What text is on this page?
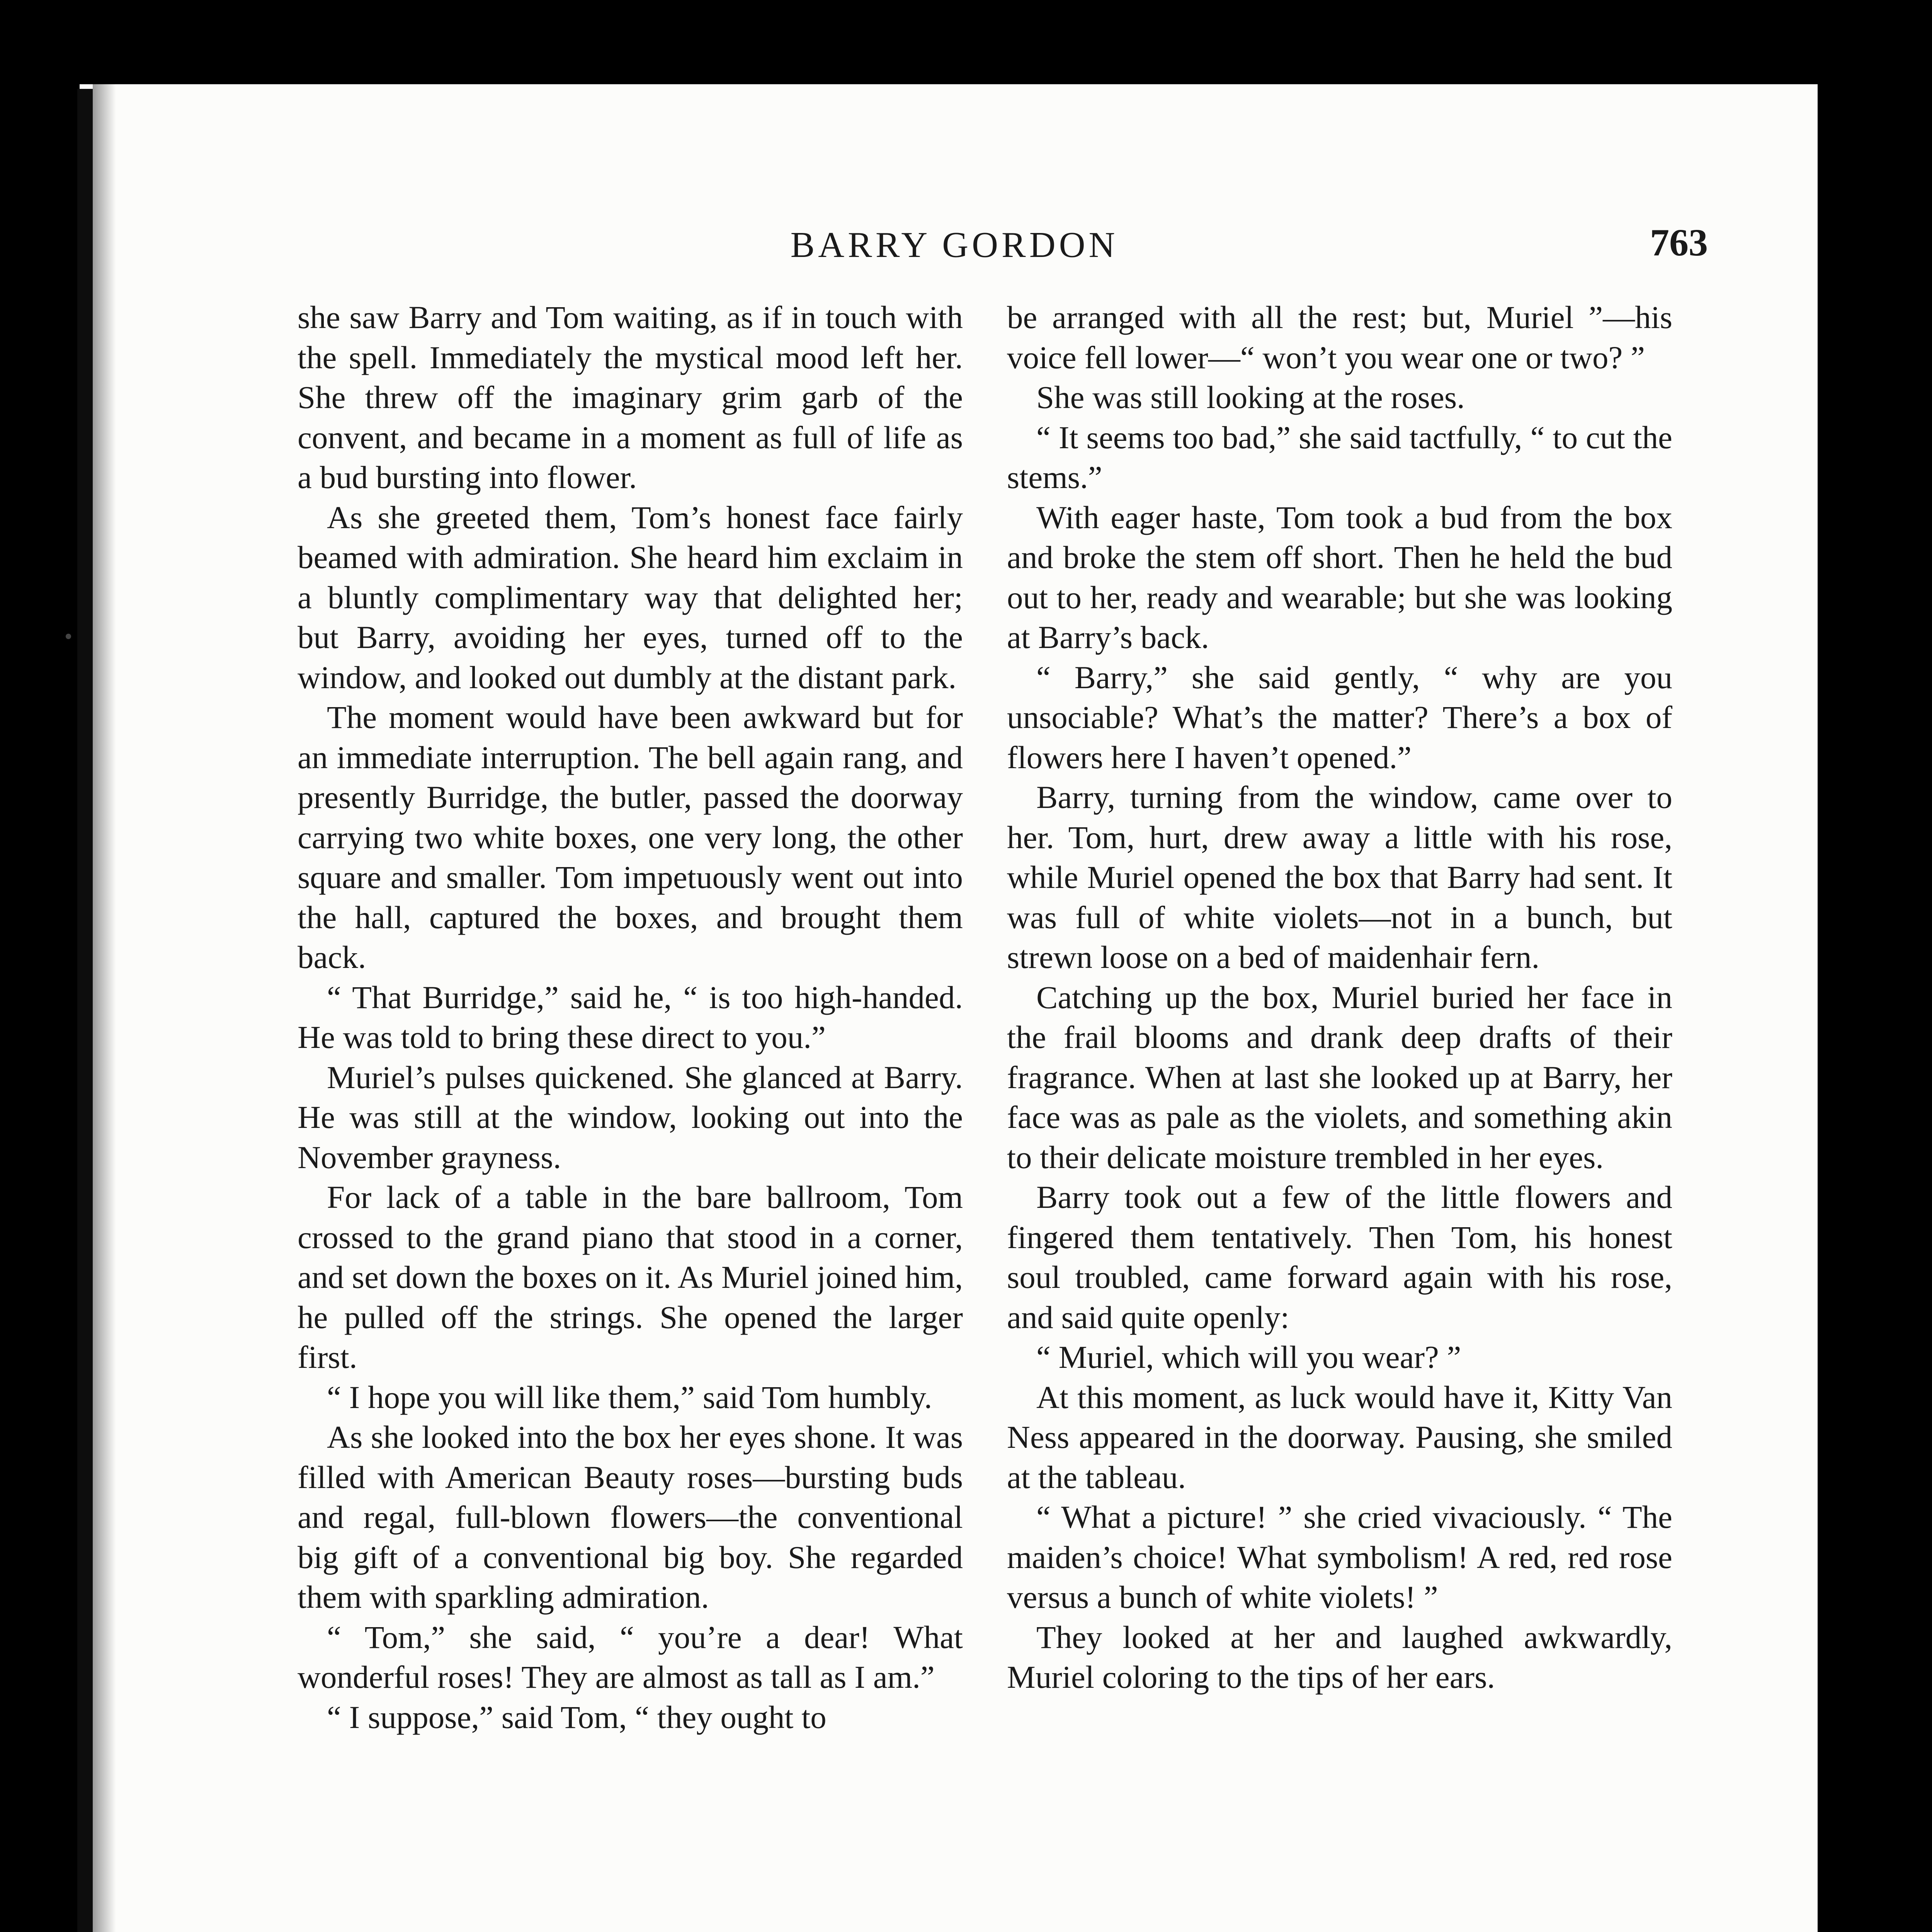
BARRY GORDON	763

she saw Barry and Tom waiting, as if in touch with the spell. Immediately the mystical mood left her. She threw off the imaginary grim garb of the convent, and became in a moment as full of life as a bud bursting into flower.

As she greeted them, Tom’s honest face fairly beamed with admiration. She heard him exclaim in a bluntly complimentary way that delighted her; but Barry, avoiding her eyes, turned off to the window, and looked out dumbly at the distant park.

The moment would have been awkward but for an immediate interruption. The bell again rang, and presently Burridge, the butler, passed the doorway carrying two white boxes, one very long, the other square and smaller. Tom impetuously went out into the hall, captured the boxes, and brought them back.

“ That Burridge,” said he, “ is too high-handed. He was told to bring these direct to you.”

Muriel’s pulses quickened. She glanced at Barry. He was still at the window, looking out into the November grayness.

For lack of a table in the bare ballroom, Tom crossed to the grand piano that stood in a corner, and set down the boxes on it. As Muriel joined him, he pulled off the strings. She opened the larger first.

“ I hope you will like them,” said Tom humbly.

As she looked into the box her eyes shone. It was filled with American Beauty roses—bursting buds and regal, full-blown flowers—the conventional big gift of a conventional big boy. She regarded them with sparkling admiration.

“ Tom,” she said, “ you’re a dear! What wonderful roses! They are almost as tall as I am.”

“ I suppose,” said Tom, “ they ought to

be arranged with all the rest; but, Muriel ”—his voice fell lower—“ won’t you wear one or two? ”

She was still looking at the roses.

“ It seems too bad,” she said tactfully, “ to cut the stems.”

With eager haste, Tom took a bud from the box and broke the stem off short. Then he held the bud out to her, ready and wearable; but she was looking at Barry’s back.

“ Barry,” she said gently, “ why are you unsociable? What’s the matter? There’s a box of flowers here I haven’t opened.”

Barry, turning from the window, came over to her. Tom, hurt, drew away a little with his rose, while Muriel opened the box that Barry had sent. It was full of white violets—not in a bunch, but strewn loose on a bed of maidenhair fern.

Catching up the box, Muriel buried her face in the frail blooms and drank deep drafts of their fragrance. When at last she looked up at Barry, her face was as pale as the violets, and something akin to their delicate moisture trembled in her eyes.

Barry took out a few of the little flowers and fingered them tentatively. Then Tom, his honest soul troubled, came forward again with his rose, and said quite openly:

“ Muriel, which will you wear? ”

At this moment, as luck would have it, Kitty Van Ness appeared in the doorway. Pausing, she smiled at the tableau.

“ What a picture! ” she cried vivaciously. “ The maiden’s choice! What symbolism! A red, red rose versus a bunch of white violets! ”

They looked at her and laughed awkwardly, Muriel coloring to the tips of her ears.
